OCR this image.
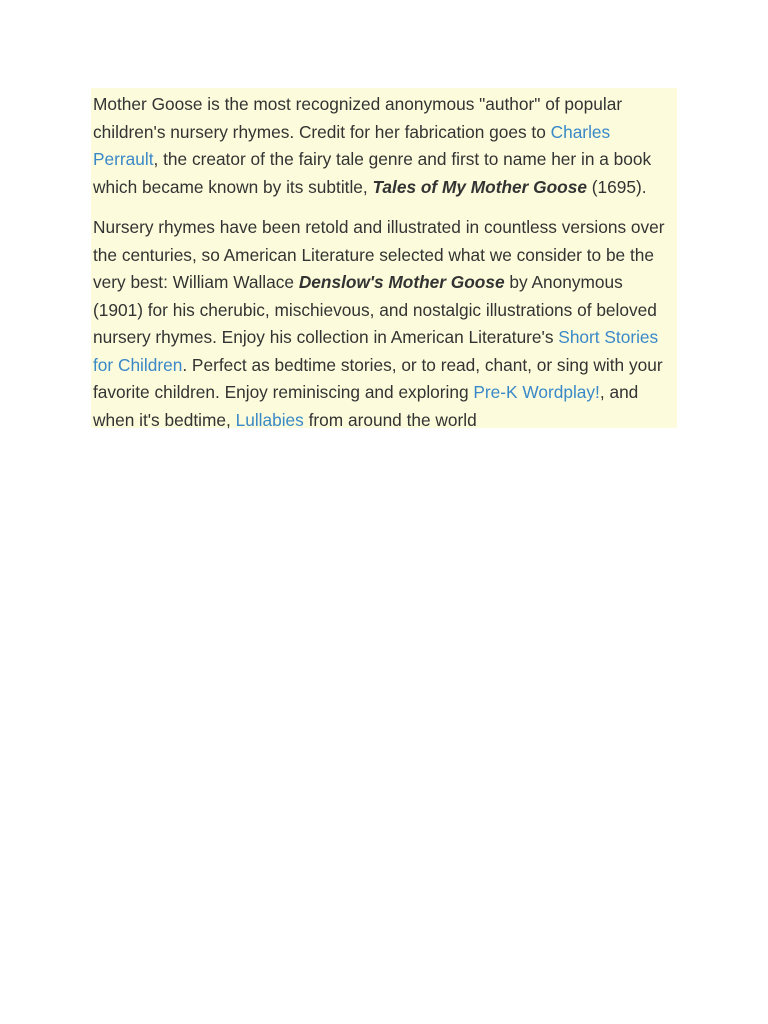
Mother Goose is the most recognized anonymous "author" of popular children's nursery rhymes. Credit for her fabrication goes to Charles Perrault, the creator of the fairy tale genre and first to name her in a book which became known by its subtitle, Tales of My Mother Goose (1695).

Nursery rhymes have been retold and illustrated in countless versions over the centuries, so American Literature selected what we consider to be the very best: William Wallace Denslow's Mother Goose by Anonymous (1901) for his cherubic, mischievous, and nostalgic illustrations of beloved nursery rhymes. Enjoy his collection in American Literature's Short Stories for Children. Perfect as bedtime stories, or to read, chant, or sing with your favorite children. Enjoy reminiscing and exploring Pre-K Wordplay!, and when it's bedtime, Lullabies from around the world
